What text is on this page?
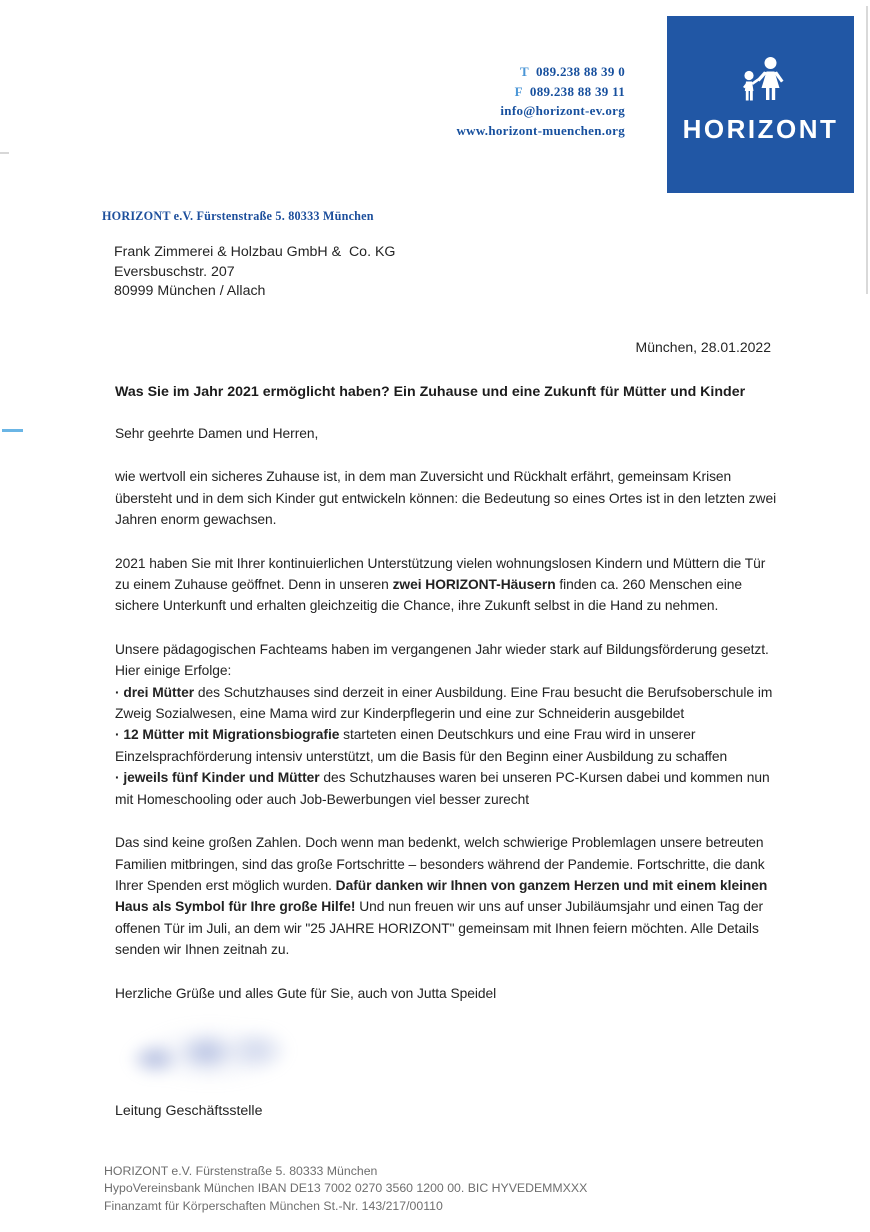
T 089.238 88 39 0
F 089.238 88 39 11
info@horizont-ev.org
www.horizont-muenchen.org HORIZONT
HORIZONT e.V. Fürstenstraße 5. 80333 München
Frank Zimmerei & Holzbau GmbH &  Co. KG
Eversbuschstr. 207
80999 München / Allach
München, 28.01.2022
Was Sie im Jahr 2021 ermöglicht haben? Ein Zuhause und eine Zukunft für Mütter und Kinder

Sehr geehrte Damen und Herren,

wie wertvoll ein sicheres Zuhause ist, in dem man Zuversicht und Rückhalt erfährt, gemeinsam Krisen übersteht und in dem sich Kinder gut entwickeln können: die Bedeutung so eines Ortes ist in den letzten zwei Jahren enorm gewachsen.

2021 haben Sie mit Ihrer kontinuierlichen Unterstützung vielen wohnungslosen Kindern und Müttern die Tür zu einem Zuhause geöffnet. Denn in unseren zwei HORIZONT-Häusern finden ca. 260 Menschen eine sichere Unterkunft und erhalten gleichzeitig die Chance, ihre Zukunft selbst in die Hand zu nehmen.

Unsere pädagogischen Fachteams haben im vergangenen Jahr wieder stark auf Bildungsförderung gesetzt. Hier einige Erfolge:
· drei Mütter des Schutzhauses sind derzeit in einer Ausbildung. Eine Frau besucht die Berufsoberschule im Zweig Sozialwesen, eine Mama wird zur Kinderpflegerin und eine zur Schneiderin ausgebildet
· 12 Mütter mit Migrationsbiografie starteten einen Deutschkurs und eine Frau wird in unserer Einzelsprachförderung intensiv unterstützt, um die Basis für den Beginn einer Ausbildung zu schaffen
· jeweils fünf Kinder und Mütter des Schutzhauses waren bei unseren PC-Kursen dabei und kommen nun mit Homeschooling oder auch Job-Bewerbungen viel besser zurecht

Das sind keine großen Zahlen. Doch wenn man bedenkt, welch schwierige Problemlagen unsere betreuten Familien mitbringen, sind das große Fortschritte – besonders während der Pandemie. Fortschritte, die dank Ihrer Spenden erst möglich wurden. Dafür danken wir Ihnen von ganzem Herzen und mit einem kleinen Haus als Symbol für Ihre große Hilfe! Und nun freuen wir uns auf unser Jubiläumsjahr und einen Tag der offenen Tür im Juli, an dem wir "25 JAHRE HORIZONT" gemeinsam mit Ihnen feiern möchten. Alle Details senden wir Ihnen zeitnah zu.

Herzliche Grüße und alles Gute für Sie, auch von Jutta Speidel

Leitung Geschäftsstelle
HORIZONT e.V. Fürstenstraße 5. 80333 München
HypoVereinsbank München IBAN DE13 7002 0270 3560 1200 00. BIC HYVEDEMMXXX
Finanzamt für Körperschaften München St.-Nr. 143/217/00110
